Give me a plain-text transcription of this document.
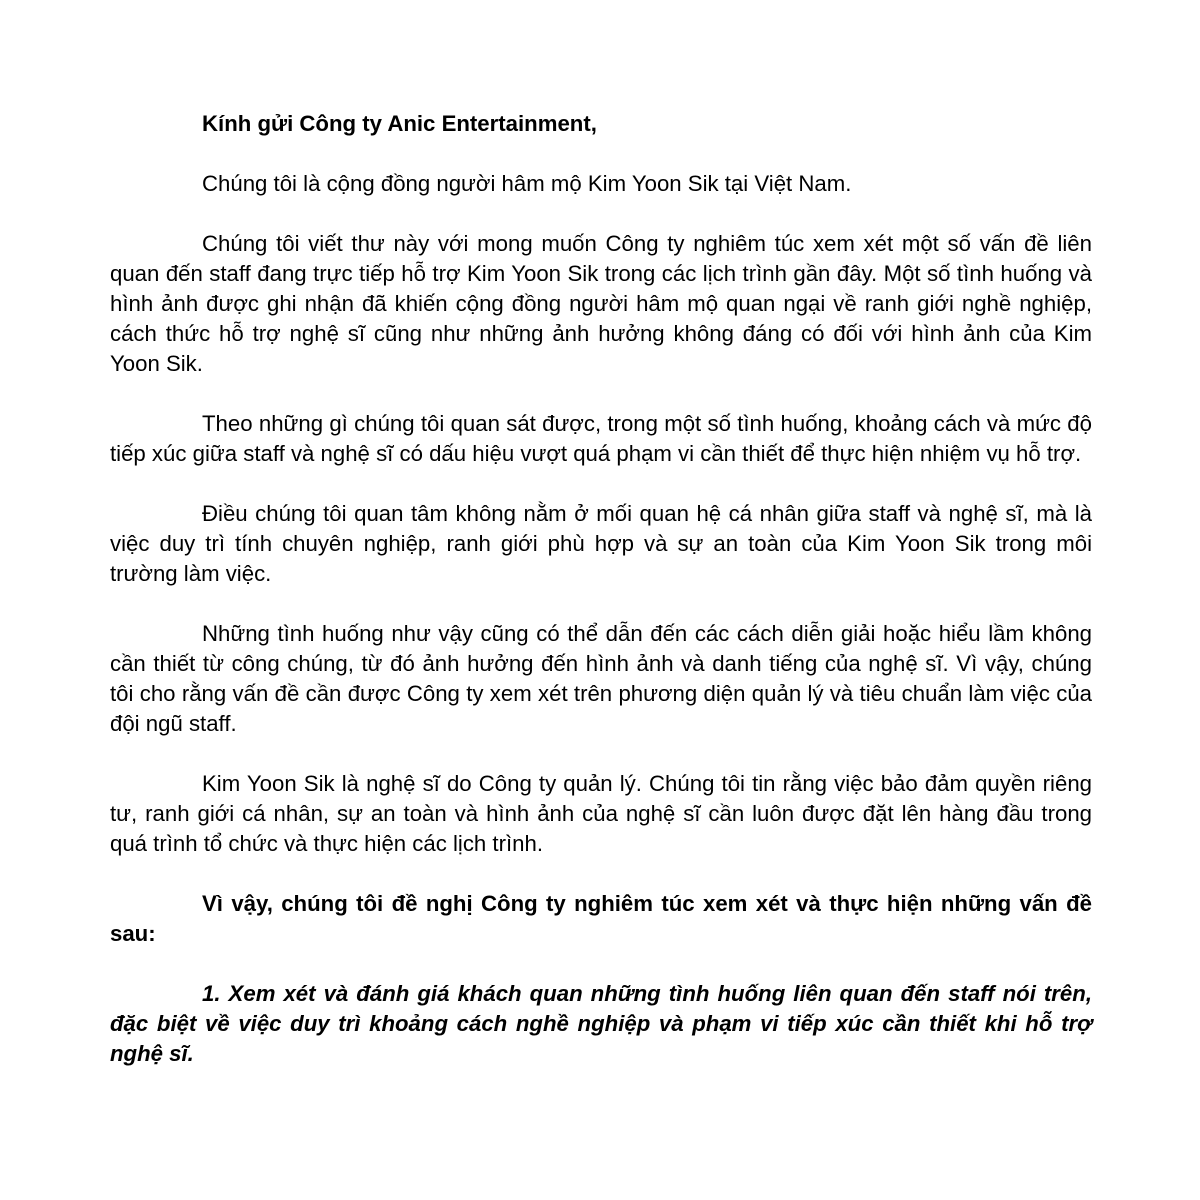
Kính gửi Công ty Anic Entertainment,

Chúng tôi là cộng đồng người hâm mộ Kim Yoon Sik tại Việt Nam.

Chúng tôi viết thư này với mong muốn Công ty nghiêm túc xem xét một số vấn đề liên quan đến staff đang trực tiếp hỗ trợ Kim Yoon Sik trong các lịch trình gần đây. Một số tình huống và hình ảnh được ghi nhận đã khiến cộng đồng người hâm mộ quan ngại về ranh giới nghề nghiệp, cách thức hỗ trợ nghệ sĩ cũng như những ảnh hưởng không đáng có đối với hình ảnh của Kim Yoon Sik.

Theo những gì chúng tôi quan sát được, trong một số tình huống, khoảng cách và mức độ tiếp xúc giữa staff và nghệ sĩ có dấu hiệu vượt quá phạm vi cần thiết để thực hiện nhiệm vụ hỗ trợ.

Điều chúng tôi quan tâm không nằm ở mối quan hệ cá nhân giữa staff và nghệ sĩ, mà là việc duy trì tính chuyên nghiệp, ranh giới phù hợp và sự an toàn của Kim Yoon Sik trong môi trường làm việc.

Những tình huống như vậy cũng có thể dẫn đến các cách diễn giải hoặc hiểu lầm không cần thiết từ công chúng, từ đó ảnh hưởng đến hình ảnh và danh tiếng của nghệ sĩ. Vì vậy, chúng tôi cho rằng vấn đề cần được Công ty xem xét trên phương diện quản lý và tiêu chuẩn làm việc của đội ngũ staff.

Kim Yoon Sik là nghệ sĩ do Công ty quản lý. Chúng tôi tin rằng việc bảo đảm quyền riêng tư, ranh giới cá nhân, sự an toàn và hình ảnh của nghệ sĩ cần luôn được đặt lên hàng đầu trong quá trình tổ chức và thực hiện các lịch trình.

Vì vậy, chúng tôi đề nghị Công ty nghiêm túc xem xét và thực hiện những vấn đề sau:

1. Xem xét và đánh giá khách quan những tình huống liên quan đến staff nói trên, đặc biệt về việc duy trì khoảng cách nghề nghiệp và phạm vi tiếp xúc cần thiết khi hỗ trợ nghệ sĩ.
